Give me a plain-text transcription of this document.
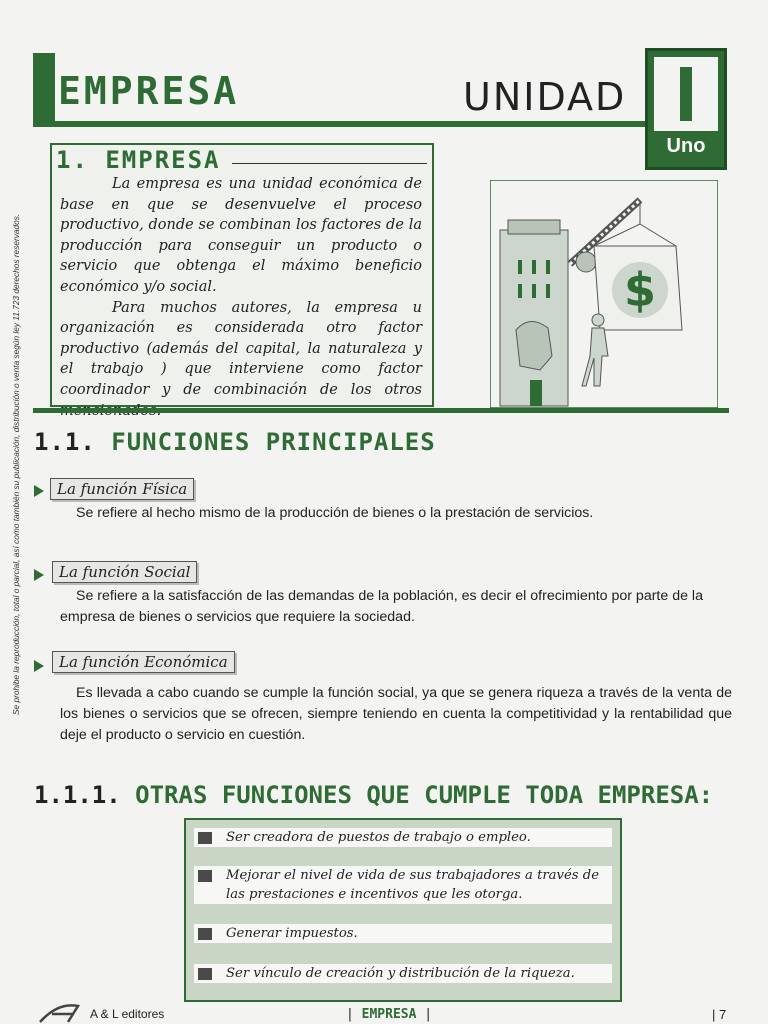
EMPRESA	UNIDAD
Uno
1. EMPRESA

La empresa es una unidad económica de base en que se desenvuelve el proceso productivo, donde se combinan los factores de la producción para conseguir un producto o servicio que obtenga el máximo beneficio económico y/o social.

Para muchos autores, la empresa u organización es considerada otro factor productivo (además del capital, la naturaleza y el trabajo ) que interviene como factor coordinador y de combinación de los otros

$
1.1. FUNCIONES PRINCIPALES
La función Física
Se refiere al hecho mismo de la producción de bienes o la prestación de servicios.
La función Social
Se refiere a la satisfacción de las demandas de la población, es decir el ofrecimiento por parte de la empresa de bienes o servicios que requiere la sociedad.
La función Económica
Es llevada a cabo cuando se cumple la función social, ya que se genera riqueza a través de la venta de los bienes o servicios que se ofrecen, siempre teniendo en cuenta la competitividad y la rentabilidad que deje el producto o servicio en cuestión.
1.1.1. OTRAS FUNCIONES QUE CUMPLE TODA EMPRESA:
Ser creadora de puestos de trabajo o empleo.
Mejorar el nivel de vida de sus trabajadores a través de las prestaciones e incentivos que les otorga.
Generar impuestos.
Ser vínculo de creación y distribución de la riqueza.
Se prohibe la reproducción, total o parcial, así como también su publicación, distribución o venta según ley 11.723 derechos reservados.
A & L editores	| EMPRESA |	| 7
